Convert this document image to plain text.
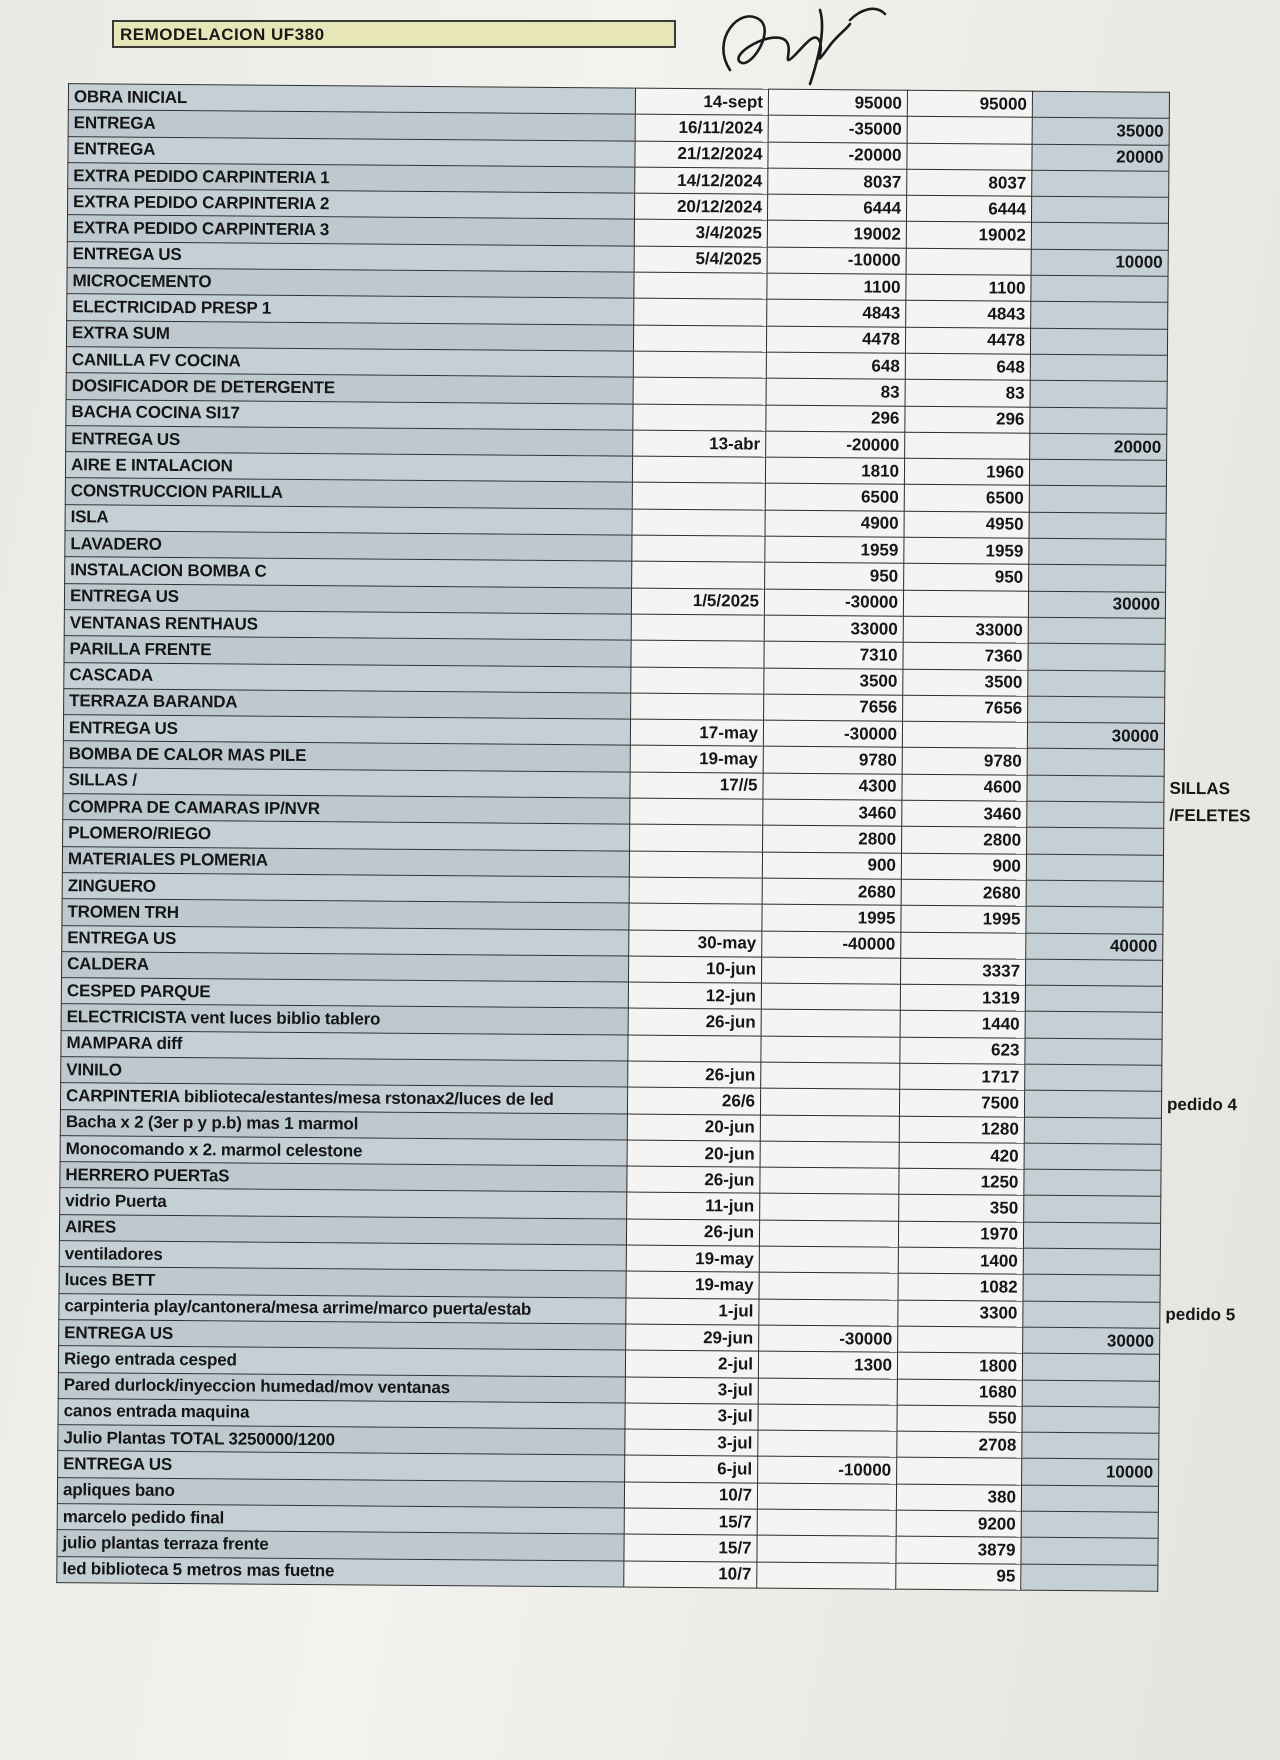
REMODELACION UF380
OBRA INICIAL	14-sept	95000	95000		
ENTREGA	16/11/2024	-35000		35000	
ENTREGA	21/12/2024	-20000		20000	
EXTRA PEDIDO CARPINTERIA 1	14/12/2024	8037	8037		
EXTRA PEDIDO CARPINTERIA 2	20/12/2024	6444	6444		
EXTRA PEDIDO CARPINTERIA 3	3/4/2025	19002	19002		
ENTREGA US	5/4/2025	-10000		10000	
MICROCEMENTO		1100	1100		
ELECTRICIDAD PRESP 1		4843	4843		
EXTRA SUM		4478	4478		
CANILLA FV COCINA		648	648		
DOSIFICADOR DE DETERGENTE		83	83		
BACHA COCINA SI17		296	296		
ENTREGA US	13-abr	-20000		20000	
AIRE E INTALACION		1810	1960		
CONSTRUCCION PARILLA		6500	6500		
ISLA		4900	4950		
LAVADERO		1959	1959		
INSTALACION BOMBA C		950	950		
ENTREGA US	1/5/2025	-30000		30000	
VENTANAS RENTHAUS		33000	33000		
PARILLA FRENTE		7310	7360		
CASCADA		3500	3500		
TERRAZA BARANDA		7656	7656		
ENTREGA US	17-may	-30000		30000	
BOMBA DE CALOR MAS PILE	19-may	9780	9780		
SILLAS /	17//5	4300	4600		SILLAS
COMPRA DE CAMARAS IP/NVR		3460	3460		/FELETES
PLOMERO/RIEGO		2800	2800		
MATERIALES PLOMERIA		900	900		
ZINGUERO		2680	2680		
TROMEN TRH		1995	1995		
ENTREGA US	30-may	-40000		40000	
CALDERA	10-jun		3337		
CESPED PARQUE	12-jun		1319		
ELECTRICISTA vent luces biblio tablero	26-jun		1440		
MAMPARA diff			623		
VINILO	26-jun		1717		
CARPINTERIA biblioteca/estantes/mesa rstonax2/luces de led	26/6		7500		pedido 4
Bacha x 2 (3er p y p.b) mas 1 marmol	20-jun		1280		
Monocomando x 2. marmol celestone	20-jun		420		
HERRERO PUERTaS	26-jun		1250		
vidrio Puerta	11-jun		350		
AIRES	26-jun		1970		
ventiladores	19-may		1400		
luces BETT	19-may		1082		
carpinteria play/cantonera/mesa arrime/marco puerta/estab	1-jul		3300		pedido 5
ENTREGA US	29-jun	-30000		30000	
Riego entrada cesped	2-jul	1300	1800		
Pared durlock/inyeccion humedad/mov ventanas	3-jul		1680		
canos entrada maquina	3-jul		550		
Julio Plantas TOTAL 3250000/1200	3-jul		2708		
ENTREGA US	6-jul	-10000		10000	
apliques bano	10/7		380		
marcelo pedido final	15/7		9200		
julio plantas terraza frente	15/7		3879		
led biblioteca 5 metros mas fuetne	10/7		95		
